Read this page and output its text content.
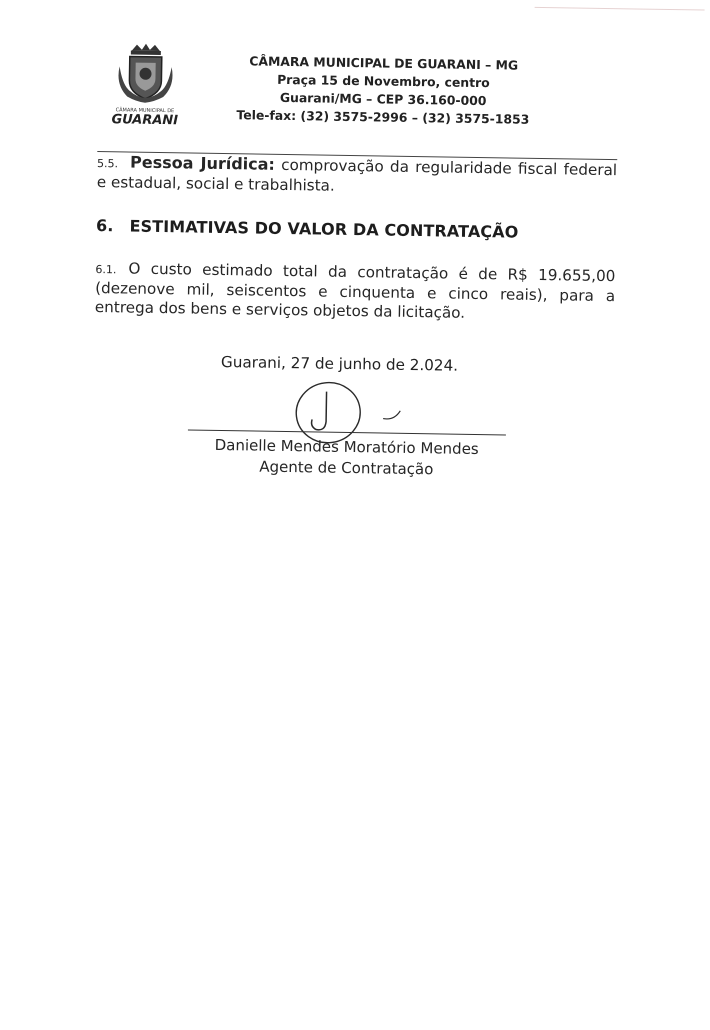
CÂMARA MUNICIPAL DE
GUARANI
CÂMARA MUNICIPAL DE GUARANI – MG
Praça 15 de Novembro, centro
Guarani/MG – CEP 36.160-000
Tele-fax: (32) 3575-2996 – (32) 3575-1853
5.5. Pessoa Jurídica: comprovação da regularidade fiscal federal e estadual, social e trabalhista.
6. ESTIMATIVAS DO VALOR DA CONTRATAÇÃO
6.1. O custo estimado total da contratação é de R$ 19.655,00 (dezenove mil, seiscentos e cinquenta e cinco reais), para a entrega dos bens e serviços objetos da licitação.
Guarani, 27 de junho de 2.024.
Danielle Mendes Moratório Mendes
Agente de Contratação
